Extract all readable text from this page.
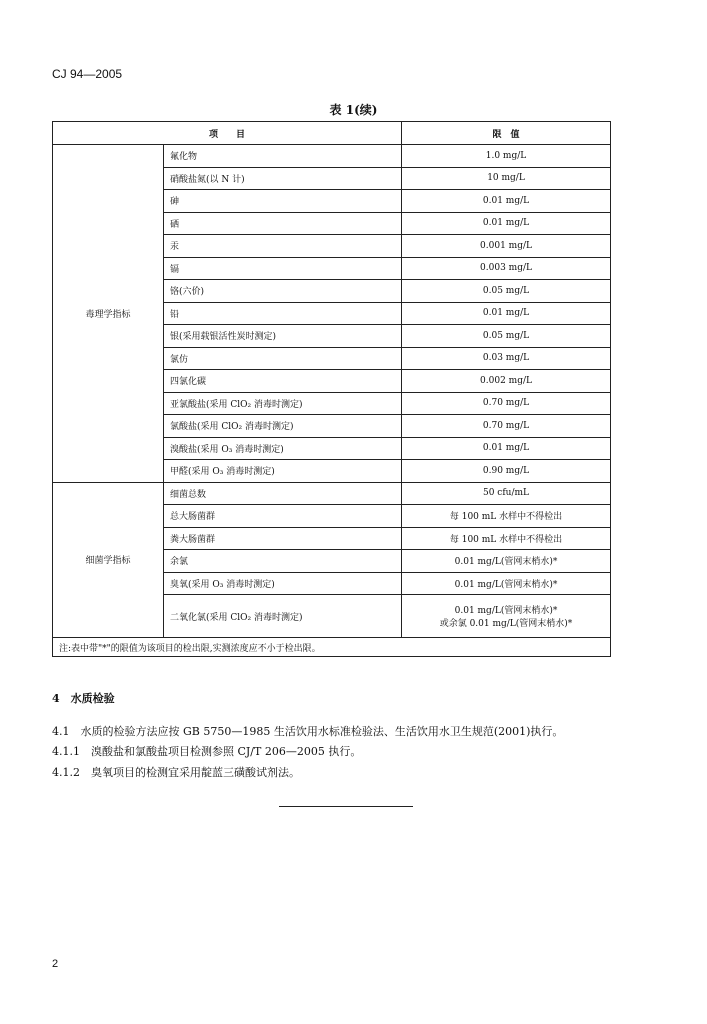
CJ 94—2005
表 1(续)
项　　目		限　值
毒理学指标	氟化物	1.0 mg/L
	硝酸盐氮(以 N 计)	10 mg/L
	砷	0.01 mg/L
	硒	0.01 mg/L
	汞	0.001 mg/L
	镉	0.003 mg/L
	铬(六价)	0.05 mg/L
	铅	0.01 mg/L
	银(采用载银活性炭时测定)	0.05 mg/L
	氯仿	0.03 mg/L
	四氯化碳	0.002 mg/L
	亚氯酸盐(采用 ClO₂ 消毒时测定)	0.70 mg/L
	氯酸盐(采用 ClO₂ 消毒时测定)	0.70 mg/L
	溴酸盐(采用 O₃ 消毒时测定)	0.01 mg/L
	甲醛(采用 O₃ 消毒时测定)	0.90 mg/L
细菌学指标	细菌总数	50 cfu/mL
	总大肠菌群	每 100 mL 水样中不得检出
	粪大肠菌群	每 100 mL 水样中不得检出
	余氯	0.01 mg/L(管网末梢水)*
	臭氧(采用 O₃ 消毒时测定)	0.01 mg/L(管网末梢水)*
	二氧化氯(采用 ClO₂ 消毒时测定)	0.01 mg/L(管网末梢水)*
或余氯 0.01 mg/L(管网末梢水)*

注:表中带"*"的限值为该项目的检出限,实测浓度应不小于检出限。		
4　水质检验
4.1　水质的检验方法应按 GB 5750—1985 生活饮用水标准检验法、生活饮用水卫生规范(2001)执行。
4.1.1　溴酸盐和氯酸盐项目检测参照 CJ/T 206—2005 执行。
4.1.2　臭氧项目的检测宜采用靛蓝三磺酸试剂法。
2
